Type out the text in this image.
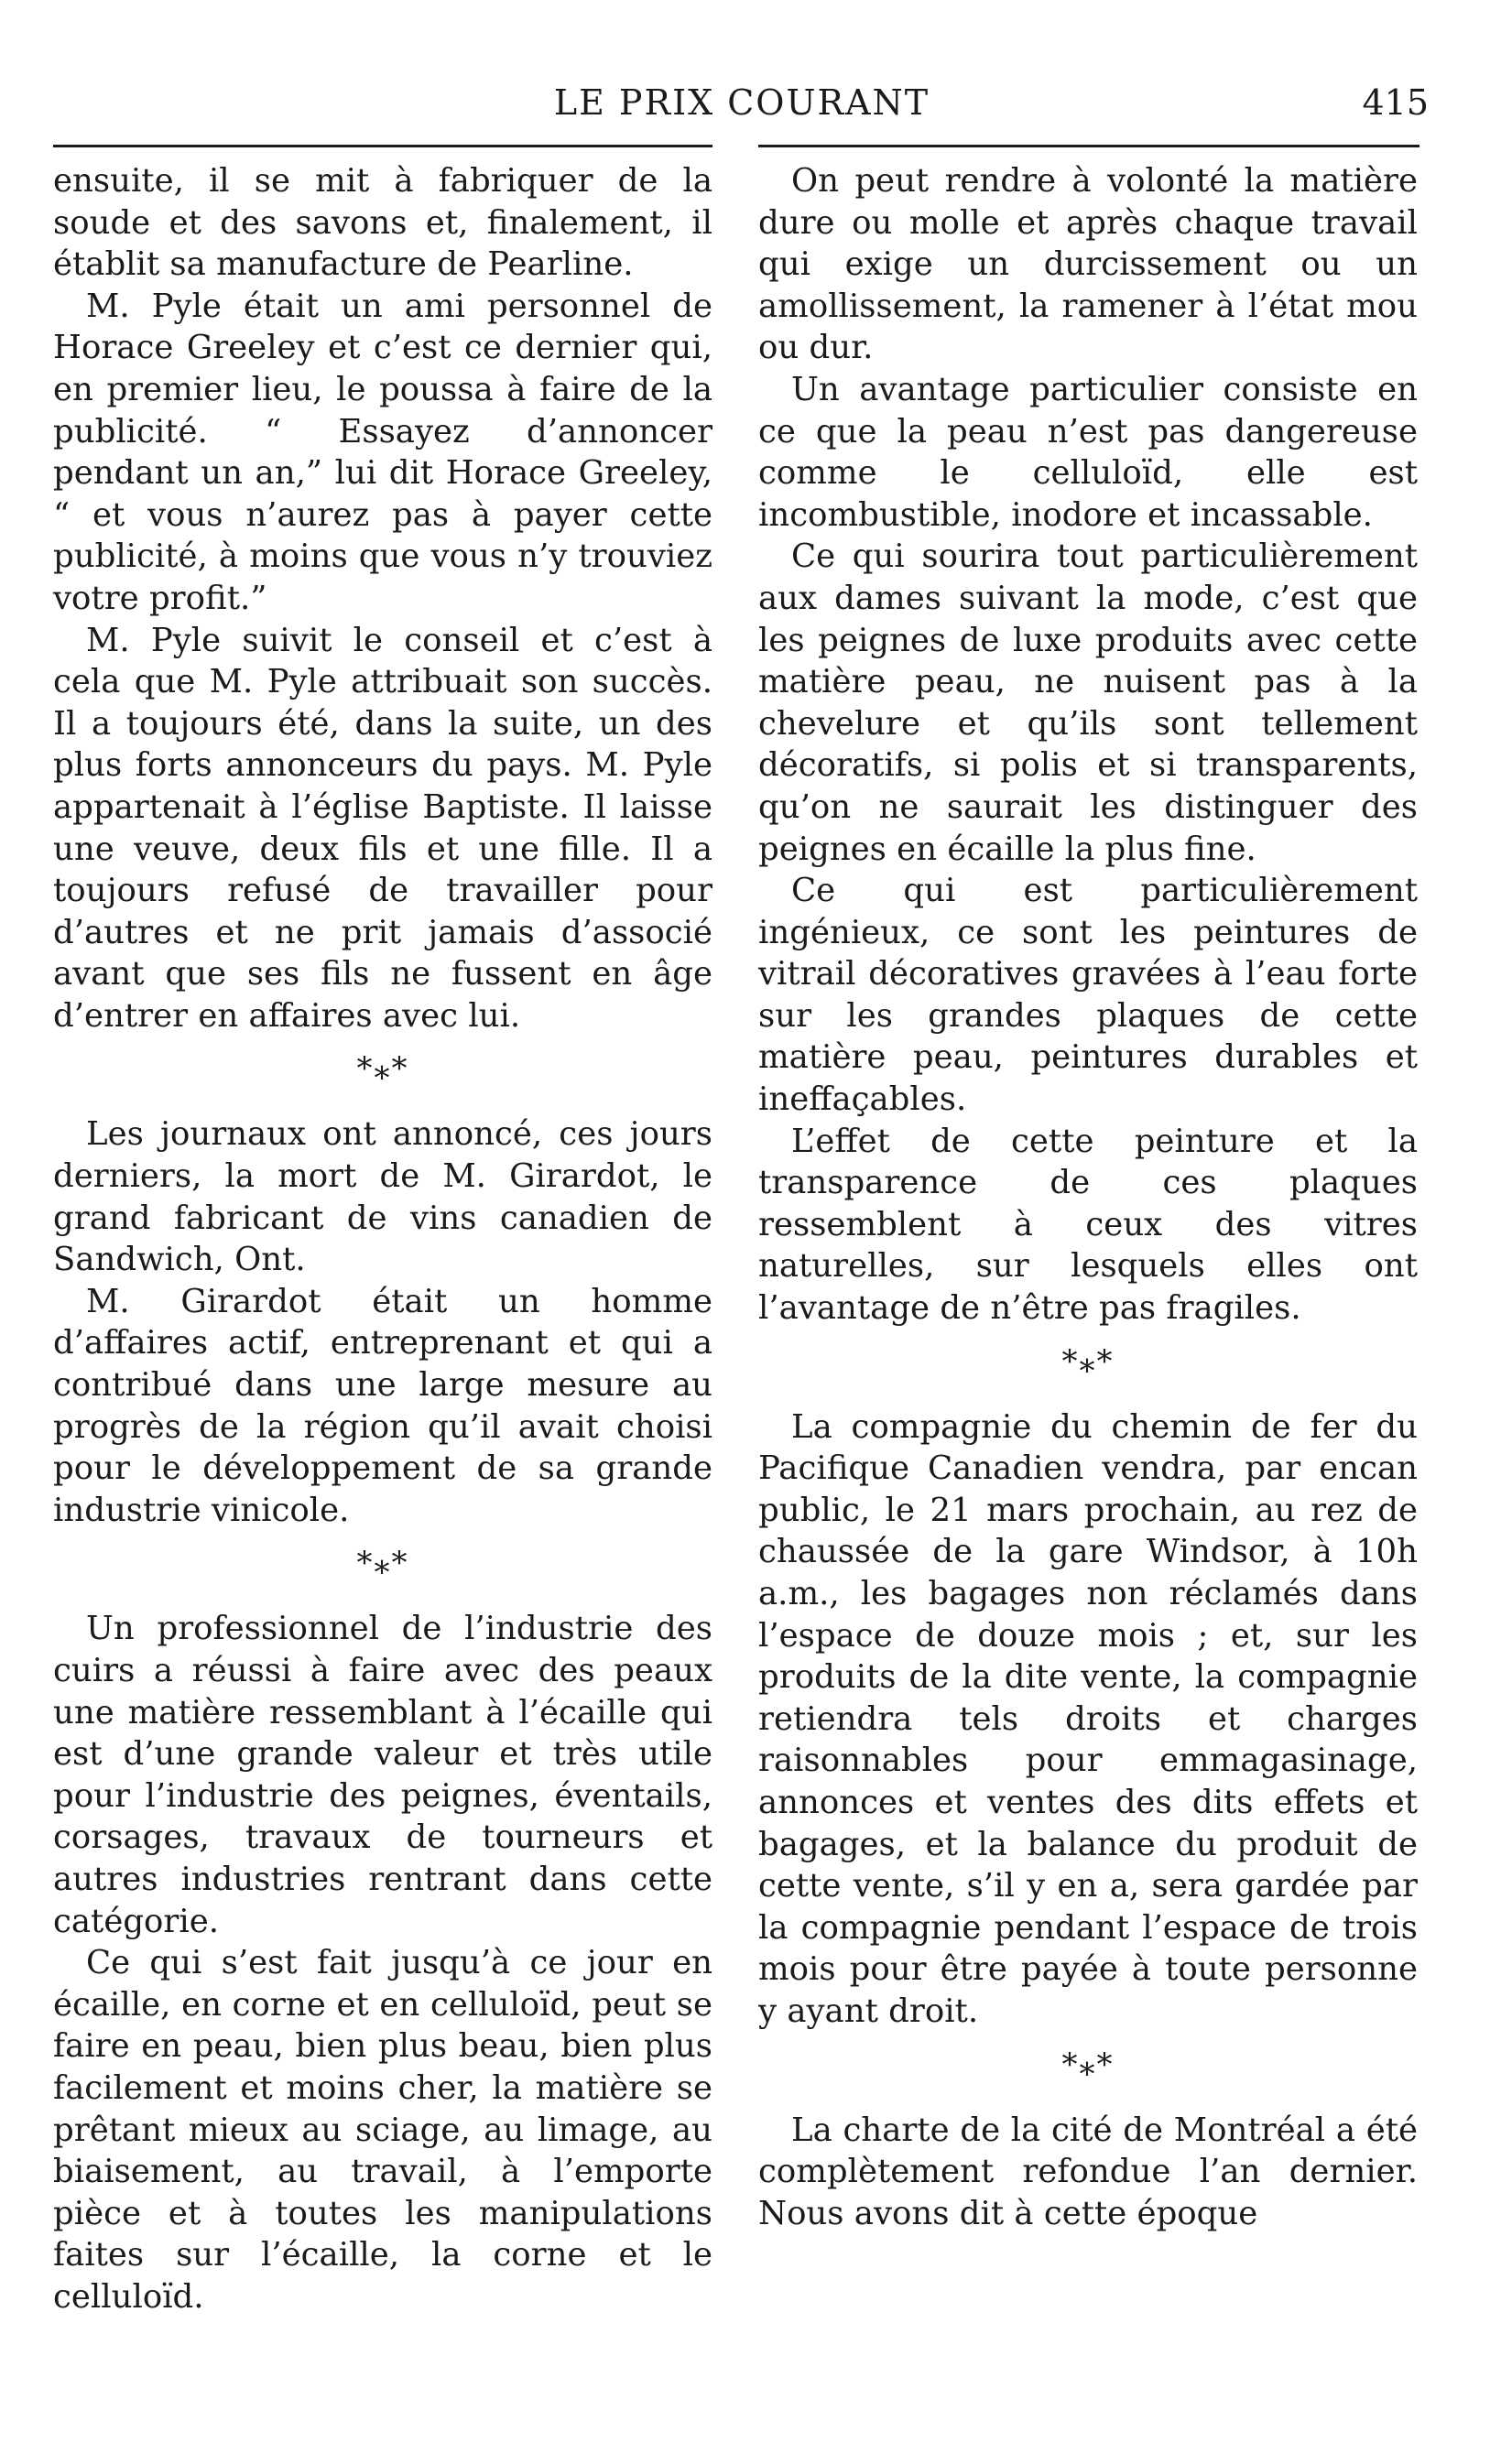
LE PRIX COURANT	415

ensuite, il se mit à fabriquer de la soude et des savons et, finalement, il établit sa manufacture de Pearline.

M. Pyle était un ami personnel de Horace Greeley et c’est ce dernier qui, en premier lieu, le poussa à faire de la publicité. “ Essayez d’annoncer pendant un an,” lui dit Horace Greeley, “ et vous n’aurez pas à payer cette publicité, à moins que vous n’y trouviez votre profit.”

M. Pyle suivit le conseil et c’est à cela que M. Pyle attribuait son succès. Il a toujours été, dans la suite, un des plus forts annonceurs du pays. M. Pyle appartenait à l’église Baptiste. Il laisse une veuve, deux fils et une fille. Il a toujours refusé de travailler pour d’autres et ne prit jamais d’associé avant que ses fils ne fussent en âge d’entrer en affaires avec lui.

*⁎*

Les journaux ont annoncé, ces jours derniers, la mort de M. Girardot, le grand fabricant de vins canadien de Sandwich, Ont.

M. Girardot était un homme d’affaires actif, entreprenant et qui a contribué dans une large mesure au progrès de la région qu’il avait choisi pour le développement de sa grande industrie vinicole.

*⁎*

Un professionnel de l’industrie des cuirs a réussi à faire avec des peaux une matière ressemblant à l’écaille qui est d’une grande valeur et très utile pour l’industrie des peignes, éventails, corsages, travaux de tourneurs et autres industries rentrant dans cette catégorie.

Ce qui s’est fait jusqu’à ce jour en écaille, en corne et en celluloïd, peut se faire en peau, bien plus beau, bien plus facilement et moins cher, la matière se prêtant mieux au sciage, au limage, au biaisement, au travail, à l’emporte pièce et à toutes les manipulations faites sur l’écaille, la corne et le celluloïd.

On peut rendre à volonté la matière dure ou molle et après chaque travail qui exige un durcissement ou un amollissement, la ramener à l’état mou ou dur.

Un avantage particulier consiste en ce que la peau n’est pas dangereuse comme le celluloïd, elle est incombustible, inodore et incassable.

Ce qui sourira tout particulièrement aux dames suivant la mode, c’est que les peignes de luxe produits avec cette matière peau, ne nuisent pas à la chevelure et qu’ils sont tellement décoratifs, si polis et si transparents, qu’on ne saurait les distinguer des peignes en écaille la plus fine.

Ce qui est particulièrement ingénieux, ce sont les peintures de vitrail décoratives gravées à l’eau forte sur les grandes plaques de cette matière peau, peintures durables et ineffaçables.

L’effet de cette peinture et la transparence de ces plaques ressemblent à ceux des vitres naturelles, sur lesquels elles ont l’avantage de n’être pas fragiles.

*⁎*

La compagnie du chemin de fer du Pacifique Canadien vendra, par encan public, le 21 mars prochain, au rez de chaussée de la gare Windsor, à 10h a.m., les bagages non réclamés dans l’espace de douze mois ; et, sur les produits de la dite vente, la compagnie retiendra tels droits et charges raisonnables pour emmagasinage, annonces et ventes des dits effets et bagages, et la balance du produit de cette vente, s’il y en a, sera gardée par la compagnie pendant l’espace de trois mois pour être payée à toute personne y ayant droit.

*⁎*

La charte de la cité de Montréal a été complètement refondue l’an dernier. Nous avons dit à cette époque
